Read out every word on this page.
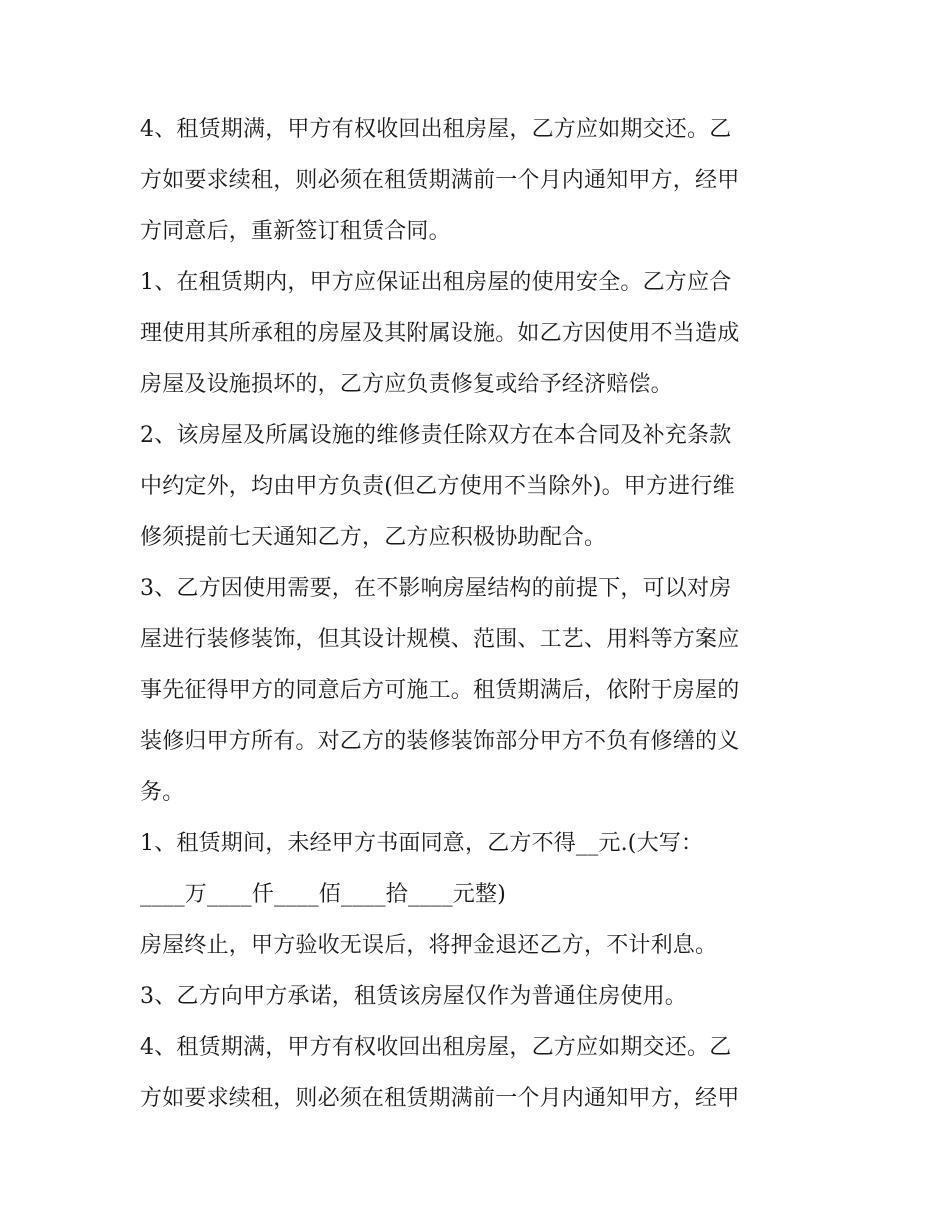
4、租赁期满，甲方有权收回出租房屋，乙方应如期交还。乙
方如要求续租，则必须在租赁期满前一个月内通知甲方，经甲
方同意后，重新签订租赁合同。
1、在租赁期内，甲方应保证出租房屋的使用安全。乙方应合
理使用其所承租的房屋及其附属设施。如乙方因使用不当造成
房屋及设施损坏的，乙方应负责修复或给予经济赔偿。
2、该房屋及所属设施的维修责任除双方在本合同及补充条款
中约定外，均由甲方负责(但乙方使用不当除外)。甲方进行维
修须提前七天通知乙方，乙方应积极协助配合。
3、乙方因使用需要，在不影响房屋结构的前提下，可以对房
屋进行装修装饰，但其设计规模、范围、工艺、用料等方案应
事先征得甲方的同意后方可施工。租赁期满后，依附于房屋的
装修归甲方所有。对乙方的装修装饰部分甲方不负有修缮的义
务。
1、租赁期间，未经甲方书面同意，乙方不得__元.(大写：
____万____仟____佰____拾____元整)
房屋终止，甲方验收无误后，将押金退还乙方，不计利息。
3、乙方向甲方承诺，租赁该房屋仅作为普通住房使用。
4、租赁期满，甲方有权收回出租房屋，乙方应如期交还。乙
方如要求续租，则必须在租赁期满前一个月内通知甲方，经甲
